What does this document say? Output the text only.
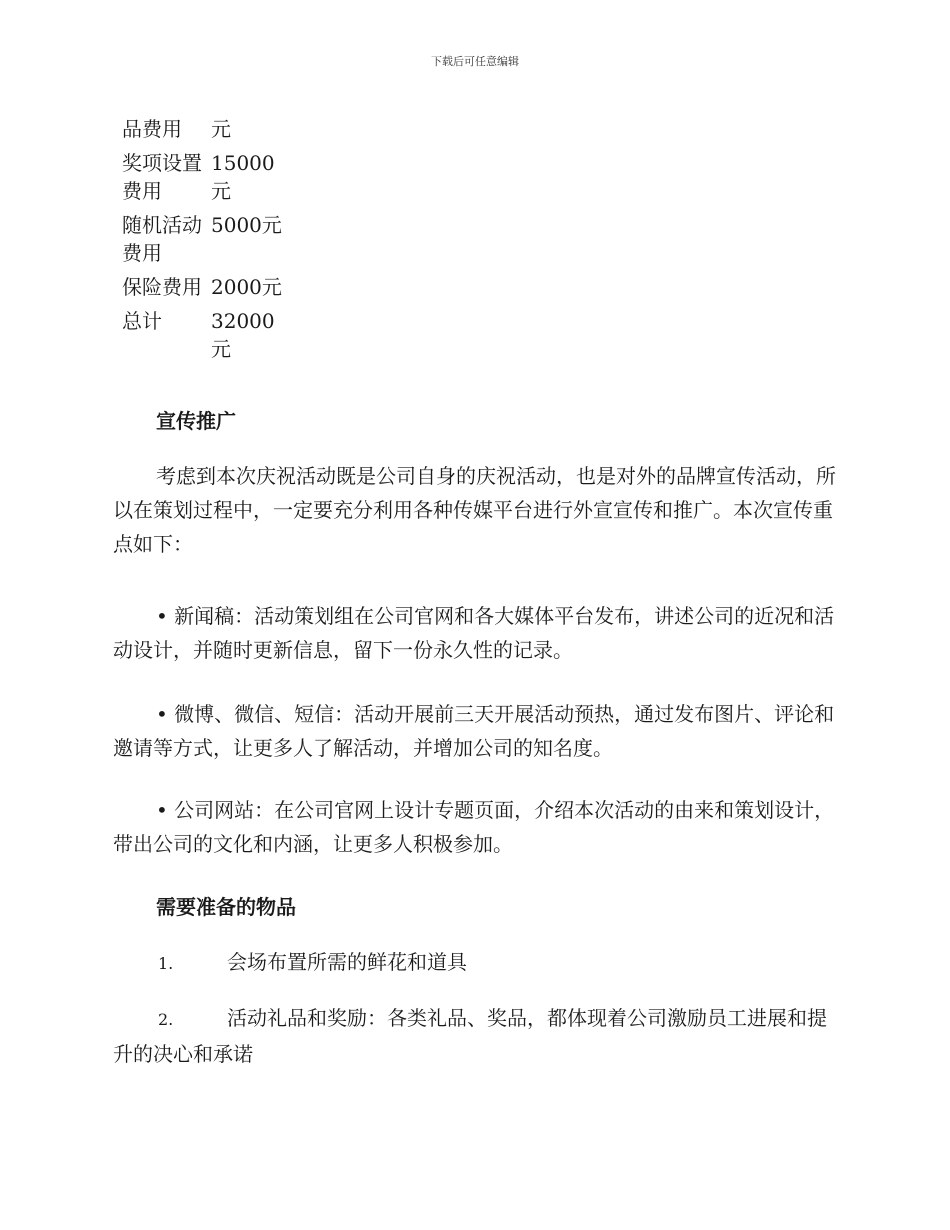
下载后可任意编辑
品费用	元
奖项设置费用	15000元
随机活动费用	5000元
保险费用	2000元
总计	32000元
宣传推广

考虑到本次庆祝活动既是公司自身的庆祝活动，也是对外的品牌宣传活动，所以在策划过程中，一定要充分利用各种传媒平台进行外宣宣传和推广。本次宣传重点如下：

• 新闻稿：活动策划组在公司官网和各大媒体平台发布，讲述公司的近况和活动设计，并随时更新信息，留下一份永久性的记录。

• 微博、微信、短信：活动开展前三天开展活动预热，通过发布图片、评论和邀请等方式，让更多人了解活动，并增加公司的知名度。

• 公司网站：在公司官网上设计专题页面，介绍本次活动的由来和策划设计，带出公司的文化和内涵，让更多人积极参加。

需要准备的物品

1.	会场布置所需的鲜花和道具

2.	活动礼品和奖励：各类礼品、奖品，都体现着公司激励员工进展和提升的决心和承诺
